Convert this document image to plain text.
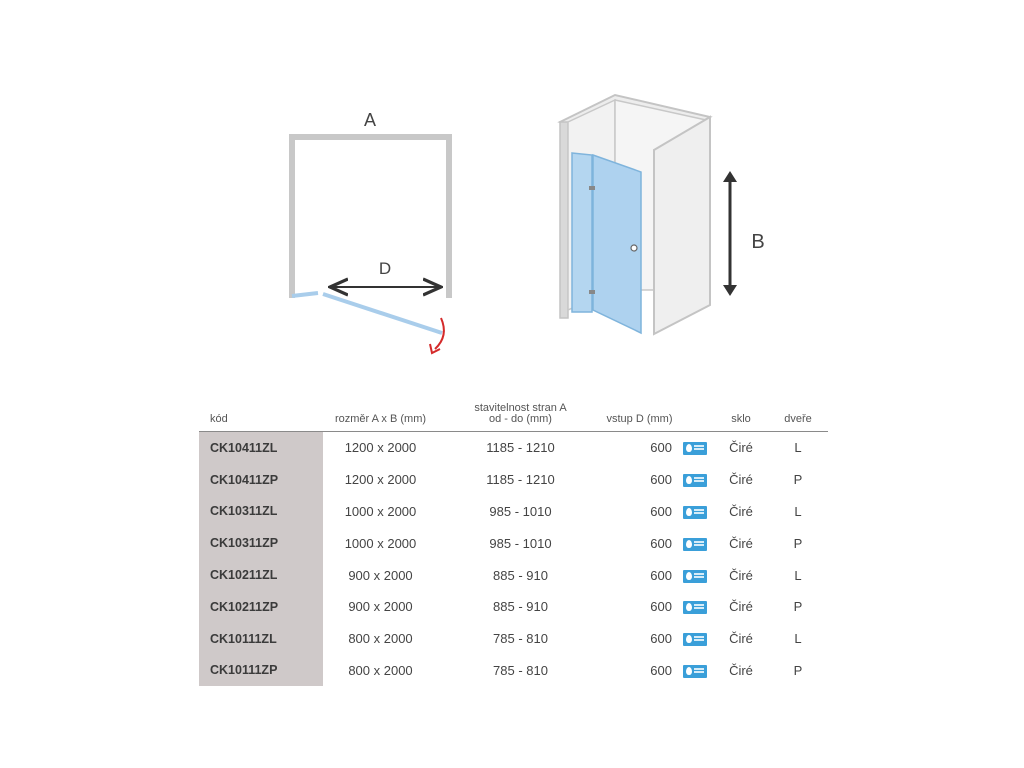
A
D
B
kód	rozměr A x B (mm)	stavitelnost stran A
od - do (mm)	vstup D (mm)		sklo	dveře
CK10411ZL	1200 x 2000	1185 - 1210	600		Čiré	L
CK10411ZP	1200 x 2000	1185 - 1210	600		Čiré	P
CK10311ZL	1000 x 2000	985 - 1010	600		Čiré	L
CK10311ZP	1000 x 2000	985 - 1010	600		Čiré	P
CK10211ZL	900 x 2000	885 - 910	600		Čiré	L
CK10211ZP	900 x 2000	885 - 910	600		Čiré	P
CK10111ZL	800 x 2000	785 - 810	600		Čiré	L
CK10111ZP	800 x 2000	785 - 810	600		Čiré	P
